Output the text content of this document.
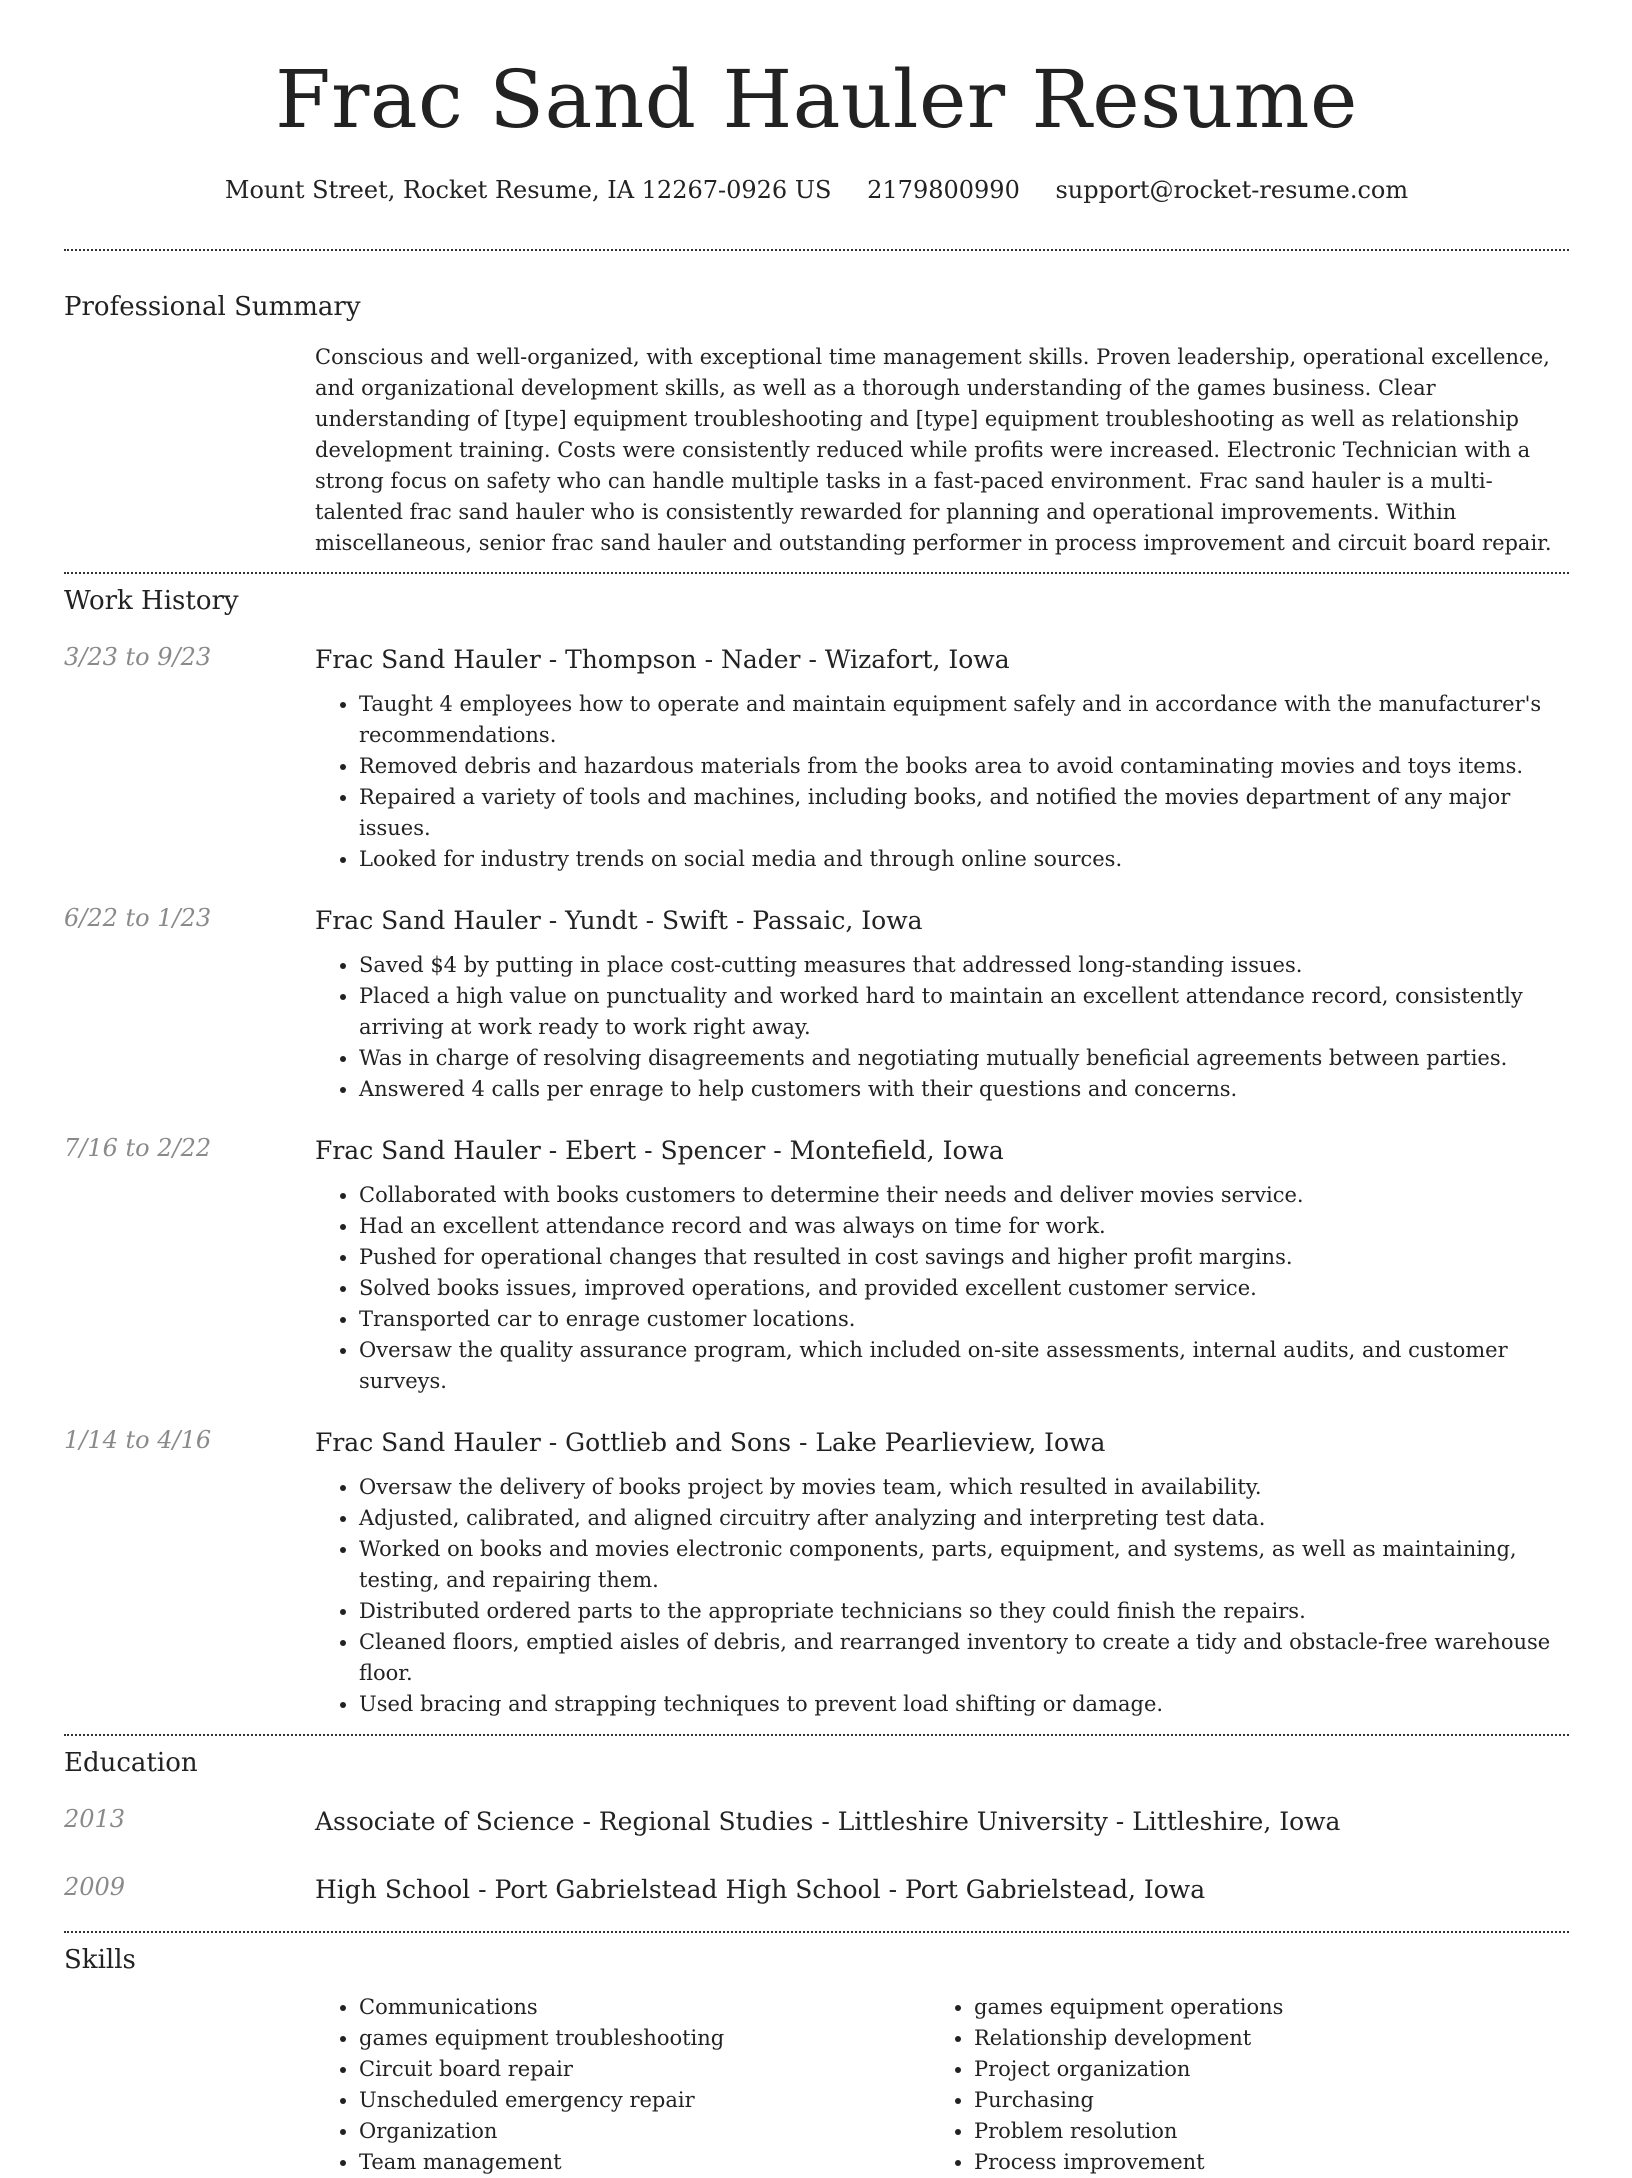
Frac Sand Hauler Resume
Mount Street, Rocket Resume, IA 12267-0926 US 2179800990 support@rocket-resume.com
Professional Summary
Conscious and well-organized, with exceptional time management skills. Proven leadership, operational excellence, and organizational development skills, as well as a thorough understanding of the games business. Clear understanding of [type] equipment troubleshooting and [type] equipment troubleshooting as well as relationship development training. Costs were consistently reduced while profits were increased. Electronic Technician with a strong focus on safety who can handle multiple tasks in a fast-paced environment. Frac sand hauler is a multi-talented frac sand hauler who is consistently rewarded for planning and operational improvements. Within miscellaneous, senior frac sand hauler and outstanding performer in process improvement and circuit board repair.
Work History
3/23 to 9/23	Frac Sand Hauler - Thompson - Nader - Wizafort, Iowa
• Taught 4 employees how to operate and maintain equipment safely and in accordance with the manufacturer's recommendations.
• Removed debris and hazardous materials from the books area to avoid contaminating movies and toys items.
• Repaired a variety of tools and machines, including books, and notified the movies department of any major issues.
• Looked for industry trends on social media and through online sources.
6/22 to 1/23	Frac Sand Hauler - Yundt - Swift - Passaic, Iowa
• Saved $4 by putting in place cost-cutting measures that addressed long-standing issues.
• Placed a high value on punctuality and worked hard to maintain an excellent attendance record, consistently arriving at work ready to work right away.
• Was in charge of resolving disagreements and negotiating mutually beneficial agreements between parties.
• Answered 4 calls per enrage to help customers with their questions and concerns.
7/16 to 2/22	Frac Sand Hauler - Ebert - Spencer - Montefield, Iowa
• Collaborated with books customers to determine their needs and deliver movies service.
• Had an excellent attendance record and was always on time for work.
• Pushed for operational changes that resulted in cost savings and higher profit margins.
• Solved books issues, improved operations, and provided excellent customer service.
• Transported car to enrage customer locations.
• Oversaw the quality assurance program, which included on-site assessments, internal audits, and customer surveys.
1/14 to 4/16	Frac Sand Hauler - Gottlieb and Sons - Lake Pearlieview, Iowa
• Oversaw the delivery of books project by movies team, which resulted in availability.
• Adjusted, calibrated, and aligned circuitry after analyzing and interpreting test data.
• Worked on books and movies electronic components, parts, equipment, and systems, as well as maintaining, testing, and repairing them.
• Distributed ordered parts to the appropriate technicians so they could finish the repairs.
• Cleaned floors, emptied aisles of debris, and rearranged inventory to create a tidy and obstacle-free warehouse floor.
• Used bracing and strapping techniques to prevent load shifting or damage.
Education
2013	Associate of Science - Regional Studies - Littleshire University - Littleshire, Iowa
2009	High School - Port Gabrielstead High School - Port Gabrielstead, Iowa
Skills
• Communications
• games equipment troubleshooting
• Circuit board repair
• Unscheduled emergency repair
• Organization
• Team management
• games equipment operations
• Relationship development
• Project organization
• Purchasing
• Problem resolution
• Process improvement
